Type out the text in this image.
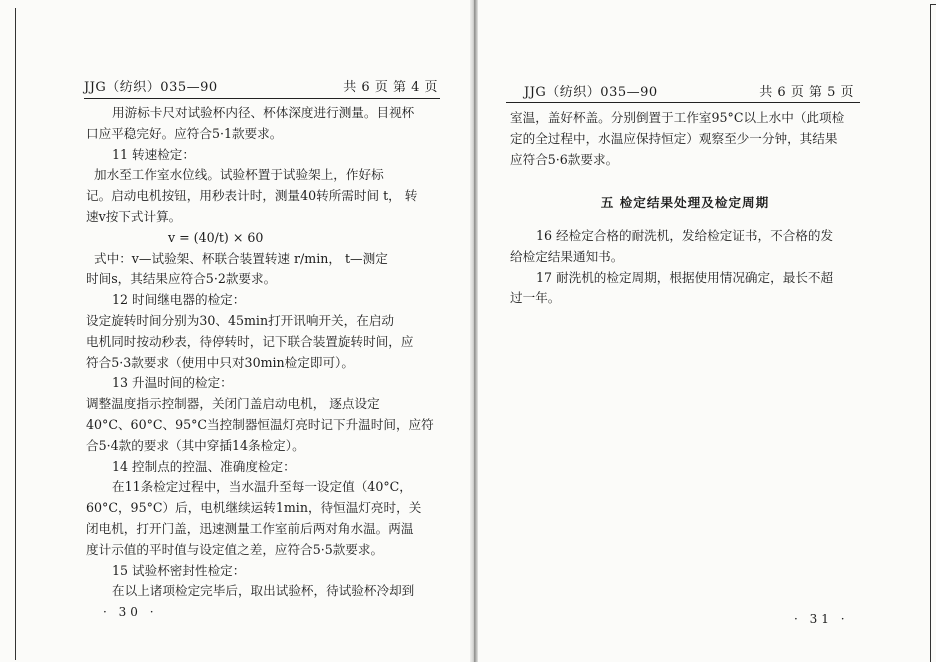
JJG（纺织）035—90	共 6 页 第 4 页
用游标卡尺对试验杯内径、杯体深度进行测量。目视杯
口应平稳完好。应符合5·1款要求。
11 转速检定：
加水至工作室水位线。试验杯置于试验架上，作好标
记。启动电机按钮，用秒表计时，测量40转所需时间 t， 转
速v按下式计算。
v = (40/t) × 60
式中：v—试验架、杯联合装置转速 r/min， t—测定
时间s，其结果应符合5·2款要求。
12 时间继电器的检定：
设定旋转时间分别为30、45min打开讯响开关，在启动
电机同时按动秒表，待停转时，记下联合装置旋转时间，应
符合5·3款要求（使用中只对30min检定即可）。
13 升温时间的检定：
调整温度指示控制器，关闭门盖启动电机， 逐点设定
40°C、60°C、95°C当控制器恒温灯亮时记下升温时间，应符
合5·4款的要求（其中穿插14条检定）。
14 控制点的控温、准确度检定：
在11条检定过程中，当水温升至每一设定值（40°C，
60°C，95°C）后，电机继续运转1min，待恒温灯亮时，关
闭电机，打开门盖，迅速测量工作室前后两对角水温。两温
度计示值的平时值与设定值之差，应符合5·5款要求。
15 试验杯密封性检定：
在以上诸项检定完毕后，取出试验杯，待试验杯冷却到
· 30 ·
JJG（纺织）035—90	共 6 页 第 5 页
室温，盖好杯盖。分别倒置于工作室95°C以上水中（此项检
定的全过程中，水温应保持恒定）观察至少一分钟，其结果
应符合5·6款要求。
五 检定结果处理及检定周期
16 经检定合格的耐洗机，发给检定证书，不合格的发
给检定结果通知书。
17 耐洗机的检定周期，根据使用情况确定，最长不超
过一年。
· 31 ·
